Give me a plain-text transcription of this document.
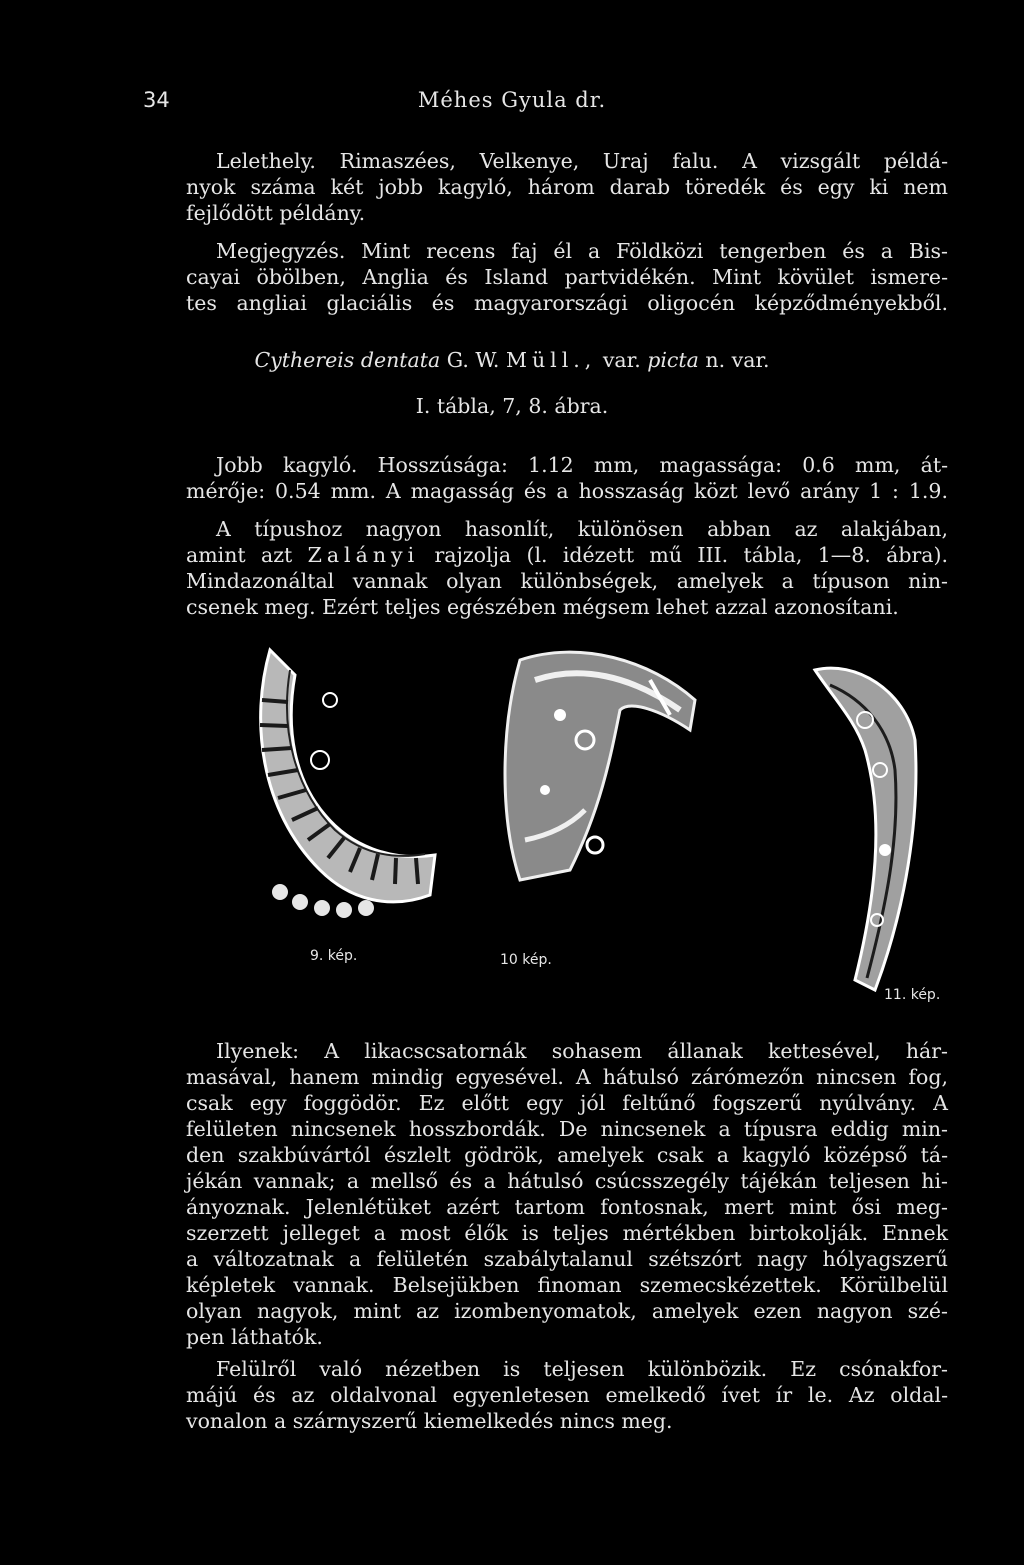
34	Méhes Gyula dr.
Lelethely. Rimaszées, Velkenye, Uraj falu. A vizsgált példá-
nyok száma két jobb kagyló, három darab töredék és egy ki nem
fejlődött példány.
Megjegyzés. Mint recens faj él a Földközi tengerben és a Bis-
cayai öbölben, Anglia és Island partvidékén. Mint kövület ismere-
tes angliai glaciális és magyarországi oligocén képződményekből.
Cythereis dentata G. W. Müll., var. picta n. var.
I. tábla, 7, 8. ábra.
Jobb kagyló. Hosszúsága: 1.12 mm, magassága: 0.6 mm, át-
mérője: 0.54 mm. A magasság és a hosszaság közt levő arány 1 : 1.9.
A típushoz nagyon hasonlít, különösen abban az alakjában,
amint azt Zalányi rajzolja (l. idézett mű III. tábla, 1—8. ábra).
Mindazonáltal vannak olyan különbségek, amelyek a típuson nin-
csenek meg. Ezért teljes egészében mégsem lehet azzal azonosítani.
9. kép.	10 kép.
11. kép.
Ilyenek: A likacscsatornák sohasem állanak kettesével, hár-
masával, hanem mindig egyesével. A hátulsó zárómezőn nincsen fog,
csak egy foggödör. Ez előtt egy jól feltűnő fogszerű nyúlvány. A
felületen nincsenek hosszbordák. De nincsenek a típusra eddig min-
den szakbúvártól észlelt gödrök, amelyek csak a kagyló középső tá-
jékán vannak; a mellső és a hátulsó csúcsszegély tájékán teljesen hi-
ányoznak. Jelenlétüket azért tartom fontosnak, mert mint ősi meg-
szerzett jelleget a most élők is teljes mértékben birtokolják. Ennek
a változatnak a felületén szabálytalanul szétszórt nagy hólyagszerű
képletek vannak. Belsejükben finoman szemecskézettek. Körülbelül
olyan nagyok, mint az izombenyomatok, amelyek ezen nagyon szé-
pen láthatók.
Felülről való nézetben is teljesen különbözik. Ez csónakfor-
májú és az oldalvonal egyenletesen emelkedő ívet ír le. Az oldal-
vonalon a szárnyszerű kiemelkedés nincs meg.
